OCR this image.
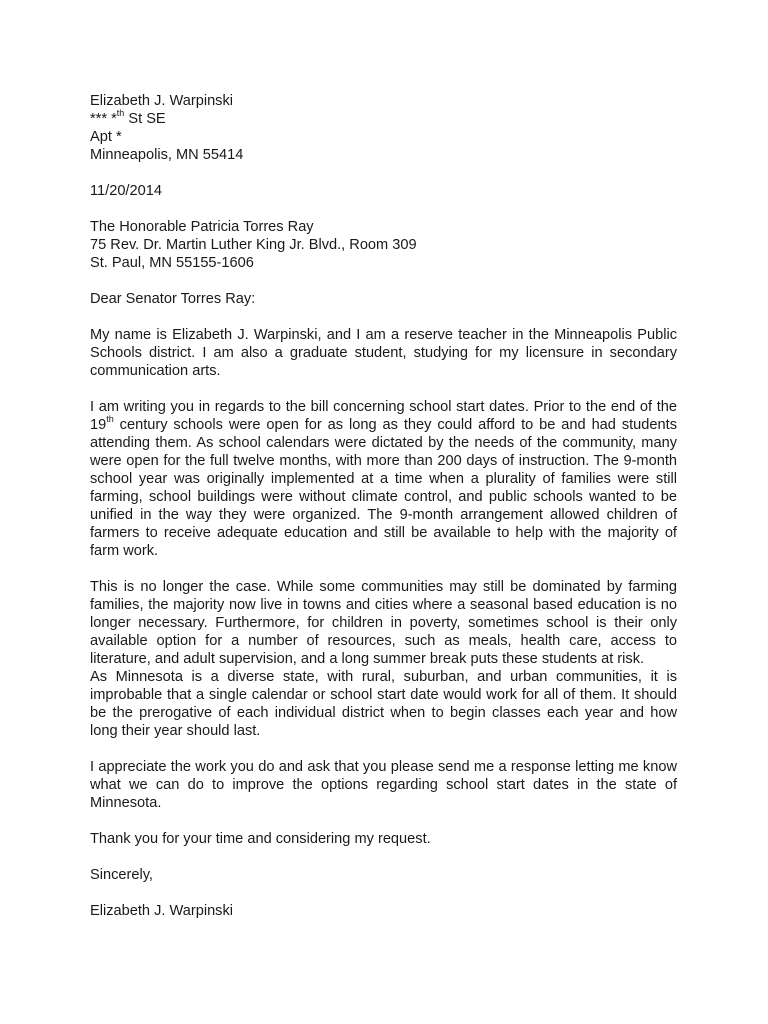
Elizabeth J. Warpinski
*** *$^{th}$ St SE
Apt *
Minneapolis, MN 55414
11/20/2014
The Honorable Patricia Torres Ray
75 Rev. Dr. Martin Luther King Jr. Blvd., Room 309
St. Paul, MN 55155-1606
Dear Senator Torres Ray:

My name is Elizabeth J. Warpinski, and I am a reserve teacher in the Minneapolis Public Schools district. I am also a graduate student, studying for my licensure in secondary communication arts.

I am writing you in regards to the bill concerning school start dates. Prior to the end of the 19th century schools were open for as long as they could afford to be and had students attending them. As school calendars were dictated by the needs of the community, many were open for the full twelve months, with more than 200 days of instruction. The 9-month school year was originally implemented at a time when a plurality of families were still farming, school buildings were without climate control, and public schools wanted to be unified in the way they were organized. The 9-month arrangement allowed children of farmers to receive adequate education and still be available to help with the majority of farm work.

This is no longer the case. While some communities may still be dominated by farming families, the majority now live in towns and cities where a seasonal based education is no longer necessary. Furthermore, for children in poverty, sometimes school is their only available option for a number of resources, such as meals, health care, access to literature, and adult supervision, and a long summer break puts these students at risk.

As Minnesota is a diverse state, with rural, suburban, and urban communities, it is improbable that a single calendar or school start date would work for all of them. It should be the prerogative of each individual district when to begin classes each year and how long their year should last.

I appreciate the work you do and ask that you please send me a response letting me know what we can do to improve the options regarding school start dates in the state of Minnesota.

Thank you for your time and considering my request.

Sincerely,
Elizabeth J. Warpinski
